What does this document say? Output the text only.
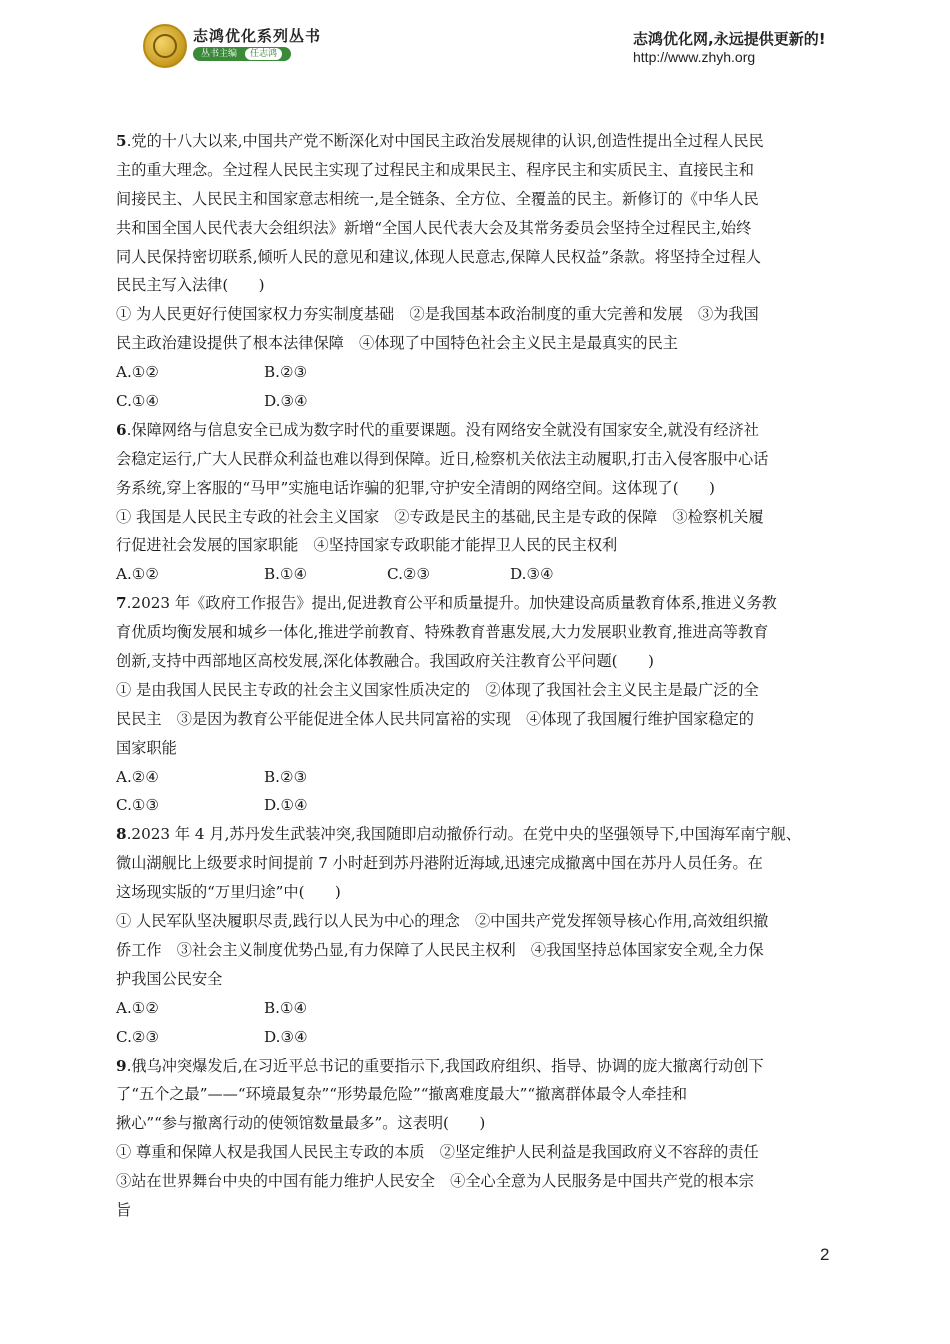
志鸿优化系列丛书
丛书主编	任志鸿
志鸿优化网,永远提供更新的!
http://www.zhyh.org
5.党的十八大以来,中国共产党不断深化对中国民主政治发展规律的认识,创造性提出全过程人民民
主的重大理念。全过程人民民主实现了过程民主和成果民主、程序民主和实质民主、直接民主和
间接民主、人民民主和国家意志相统一,是全链条、全方位、全覆盖的民主。新修订的《中华人民
共和国全国人民代表大会组织法》新增“全国人民代表大会及其常务委员会坚持全过程民主,始终
同人民保持密切联系,倾听人民的意见和建议,体现人民意志,保障人民权益”条款。将坚持全过程人
民民主写入法律(　　)
① 为人民更好行使国家权力夯实制度基础　②是我国基本政治制度的重大完善和发展　③为我国
民主政治建设提供了根本法律保障　④体现了中国特色社会主义民主是最真实的民主
A.①②	B.②③
C.①④	D.③④
6.保障网络与信息安全已成为数字时代的重要课题。没有网络安全就没有国家安全,就没有经济社
会稳定运行,广大人民群众利益也难以得到保障。近日,检察机关依法主动履职,打击入侵客服中心话
务系统,穿上客服的“马甲”实施电话诈骗的犯罪,守护安全清朗的网络空间。这体现了(　　)
① 我国是人民民主专政的社会主义国家　②专政是民主的基础,民主是专政的保障　③检察机关履
行促进社会发展的国家职能　④坚持国家专政职能才能捍卫人民的民主权利
A.①②	B.①④	C.②③	D.③④
7.2023 年《政府工作报告》提出,促进教育公平和质量提升。加快建设高质量教育体系,推进义务教
育优质均衡发展和城乡一体化,推进学前教育、特殊教育普惠发展,大力发展职业教育,推进高等教育
创新,支持中西部地区高校发展,深化体教融合。我国政府关注教育公平问题(　　)
① 是由我国人民民主专政的社会主义国家性质决定的　②体现了我国社会主义民主是最广泛的全
民民主　③是因为教育公平能促进全体人民共同富裕的实现　④体现了我国履行维护国家稳定的
国家职能
A.②④	B.②③
C.①③	D.①④
8.2023 年 4 月,苏丹发生武装冲突,我国随即启动撤侨行动。在党中央的坚强领导下,中国海军南宁舰、
微山湖舰比上级要求时间提前 7 小时赶到苏丹港附近海域,迅速完成撤离中国在苏丹人员任务。在
这场现实版的“万里归途”中(　　)
① 人民军队坚决履职尽责,践行以人民为中心的理念　②中国共产党发挥领导核心作用,高效组织撤
侨工作　③社会主义制度优势凸显,有力保障了人民民主权利　④我国坚持总体国家安全观,全力保
护我国公民安全
A.①②	B.①④
C.②③	D.③④
9.俄乌冲突爆发后,在习近平总书记的重要指示下,我国政府组织、指导、协调的庞大撤离行动创下
了“五个之最”——“环境最复杂”“形势最危险”“撤离难度最大”“撤离群体最令人牵挂和
揪心”“参与撤离行动的使领馆数量最多”。这表明(　　)
① 尊重和保障人权是我国人民民主专政的本质　②坚定维护人民利益是我国政府义不容辞的责任
③站在世界舞台中央的中国有能力维护人民安全　④全心全意为人民服务是中国共产党的根本宗
旨
2
